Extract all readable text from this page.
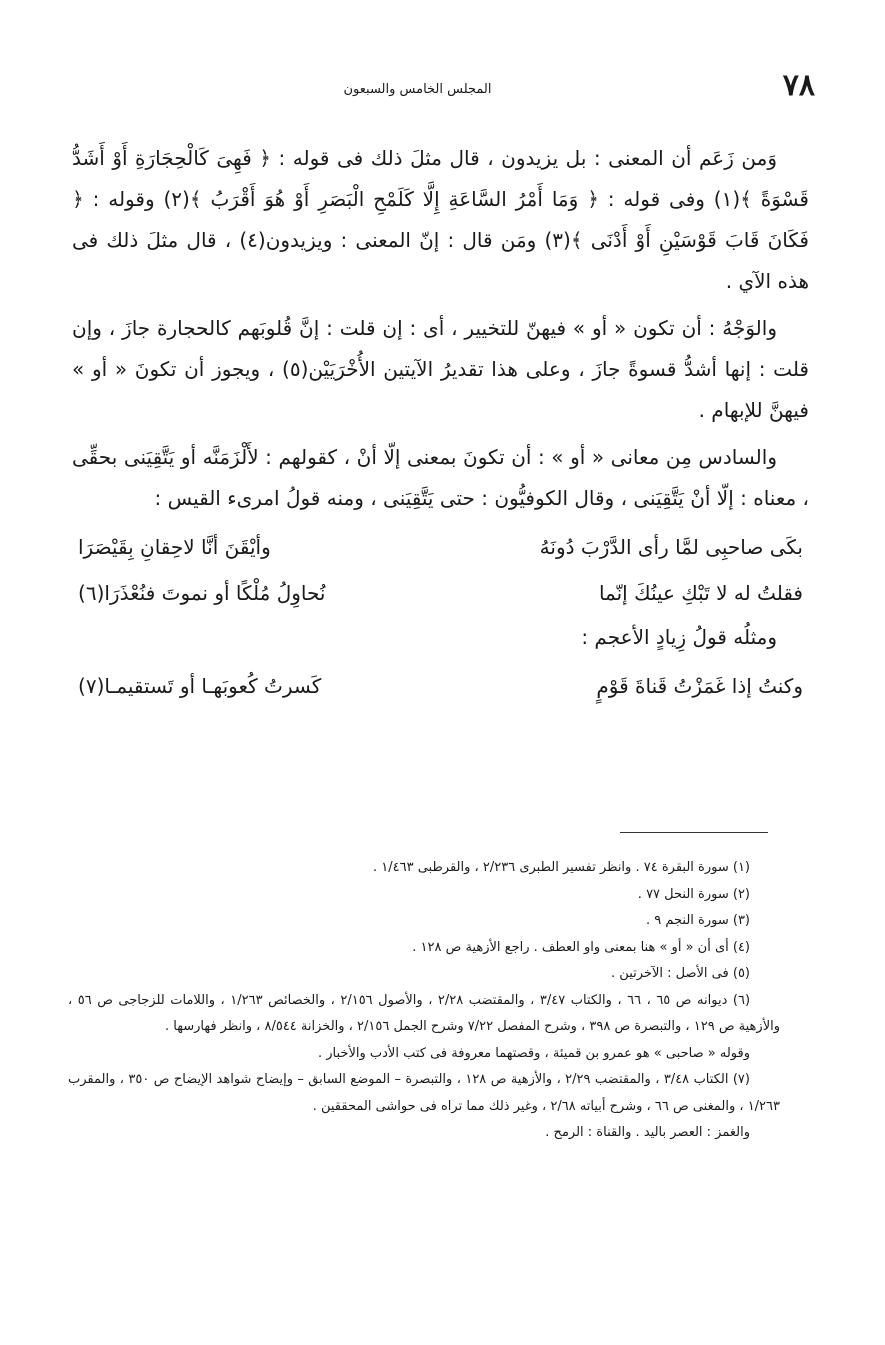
٧٨
المجلس الخامس والسبعون

وَمن زَعَم أن المعنى : بل يزيدون ، قال مثلَ ذلك فى قوله : ﴿ فَهِىَ كَالْحِجَارَةِ أَوْ أَشَدُّ قَسْوَةً ﴾(١) وفى قوله : ﴿ وَمَا أَمْرُ السَّاعَةِ إِلَّا كَلَمْحِ الْبَصَرِ أَوْ هُوَ أَقْرَبُ ﴾(٢) وقوله : ﴿ فَكَانَ قَابَ قَوْسَيْنِ أَوْ أَدْنَى ﴾(٣) ومَن قال : إنّ المعنى : ويزيدون(٤) ، قال مثلَ ذلك فى هذه الآي .

والوَجْهُ : أن تكون « أو » فيهنّ للتخيير ، أى : إن قلت : إنَّ قُلوبَهم كالحجارة جازَ ، وإن قلت : إنها أشدُّ قسوةً جازَ ، وعلى هذا تقديرُ الآيتين الأُخْرَيَيْن(٥) ، ويجوز أن تكونَ « أو » فيهنَّ للإبهام .

والسادس مِن معانى « أو » : أن تكونَ بمعنى إلّا أنْ ، كقولهم : لأَلْزَمَنَّه أو يَتَّقِيَنى بحقِّى ، معناه : إلّا أنْ يَتَّقِيَنى ، وقال الكوفيُّون : حتى يَتَّقِيَنى ، ومنه قولُ امرىء القيس :

بكَى صاحبِى لمَّا رأى الدَّرْبَ دُونَهُ
وأيْقَنَ أنَّا لاحِقانِ بِقَيْصَرَا
فقلتُ له لا تَبْكِ عينُكَ إنّما
نُحاوِلُ مُلْكًا أو نموتَ فنُعْذَرَا(٦)

ومثلُه قولُ زِيادٍ الأعجم :

وكنتُ إذا غَمَزْتُ قَناةَ قَوْمٍ
كَسرتُ كُعوبَهـا أو تَستقيمـا(٧)

(١) سورة البقرة ٧٤ . وانظر تفسير الطبرى ٢/٢٣٦ ، والقرطبى ١/٤٦٣ .

(٢) سورة النحل ٧٧ .

(٣) سورة النجم ٩ .

(٤) أى أن « أو » هنا بمعنى واو العطف . راجع الأزهية ص ١٢٨ .

(٥) فى الأصل : الآخرتين .

(٦) ديوانه ص ٦٥ ، ٦٦ ، والكتاب ٣/٤٧ ، والمقتضب ٢/٢٨ ، والأصول ٢/١٥٦ ، والخصائص ١/٢٦٣ ، واللامات للزجاجى ص ٥٦ ، والأزهية ص ١٢٩ ، والتبصرة ص ٣٩٨ ، وشرح المفصل ٧/٢٢ وشرح الجمل ٢/١٥٦ ، والخزانة ٨/٥٤٤ ، وانظر فهارسها .

وقوله « صاحبى » هو عمرو بن قميئة ، وقصتهما معروفة فى كتب الأدب والأخبار .

(٧) الكتاب ٣/٤٨ ، والمقتضب ٢/٢٩ ، والأزهية ص ١٢٨ ، والتبصرة – الموضع السابق – وإيضاح شواهد الإيضاح ص ٣٥٠ ، والمقرب ١/٢٦٣ ، والمغنى ص ٦٦ ، وشرح أبياته ٢/٦٨ ، وغير ذلك مما تراه فى حواشى المحققين .

والغمز : العصر باليد . والقناة : الرمح .
